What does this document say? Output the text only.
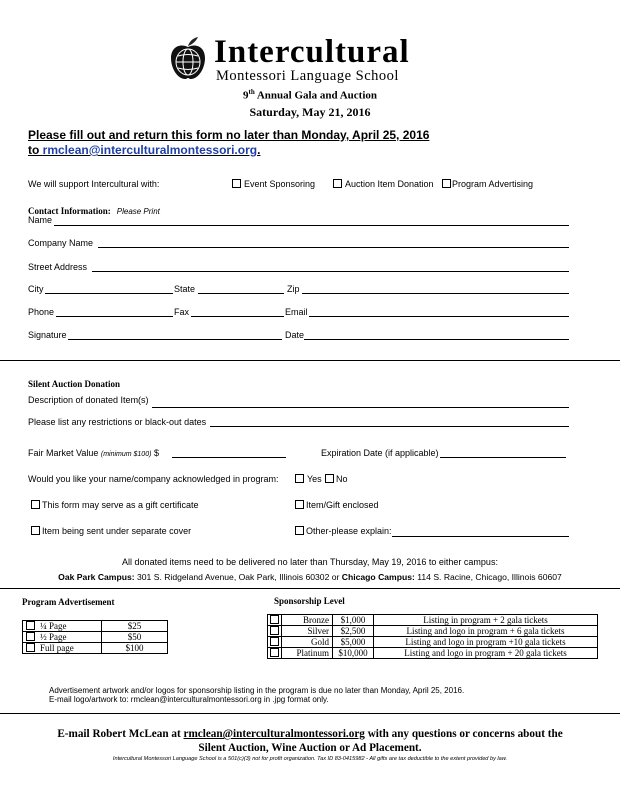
Intercultural
Montessori Language School
9th Annual Gala and Auction
Saturday, May 21, 2016
Please fill out and return this form no later than Monday, April 25, 2016
to rmclean@interculturalmontessori.org.
We will support Intercultural with:	Event Sponsoring	Auction Item Donation	Program Advertising
Contact Information: Please Print
Name
Company Name
Street Address
City	State	Zip
Phone	Fax	Email
Signature	Date
Silent Auction Donation
Description of donated Item(s)
Please list any restrictions or black-out dates
Fair Market Value (minimum $100) $	Expiration Date (if applicable)
Would you like your name/company acknowledged in program:	Yes	No
This form may serve as a gift certificate	Item/Gift enclosed
Item being sent under separate cover	Other-please explain:
All donated items need to be delivered no later than Thursday, May 19, 2016 to either campus:
Oak Park Campus: 301 S. Ridgeland Avenue, Oak Park, Illinois 60302 or Chicago Campus: 114 S. Racine, Chicago, Illinois 60607
Program Advertisement
¼ Page	$25
½ Page	$50
Full page	$100
Sponsorship Level
	Bronze	$1,000	Listing in program + 2 gala tickets
	Silver	$2,500	Listing and logo in program + 6 gala tickets
	Gold	$5,000	Listing and logo in program +10 gala tickets
	Platinum	$10,000	Listing and logo in program + 20 gala tickets
Advertisement artwork and/or logos for sponsorship listing in the program is due no later than Monday, April 25, 2016.
E-mail logo/artwork to: rmclean@interculturalmontessori.org in .jpg format only.
E-mail Robert McLean at rmclean@interculturalmontessori.org with any questions or concerns about the
Silent Auction, Wine Auction or Ad Placement.
Intercultural Montessori Language School is a 501(c)(3) not for profit organization. Tax ID 83-0415982 - All gifts are tax deductible to the extent provided by law.
